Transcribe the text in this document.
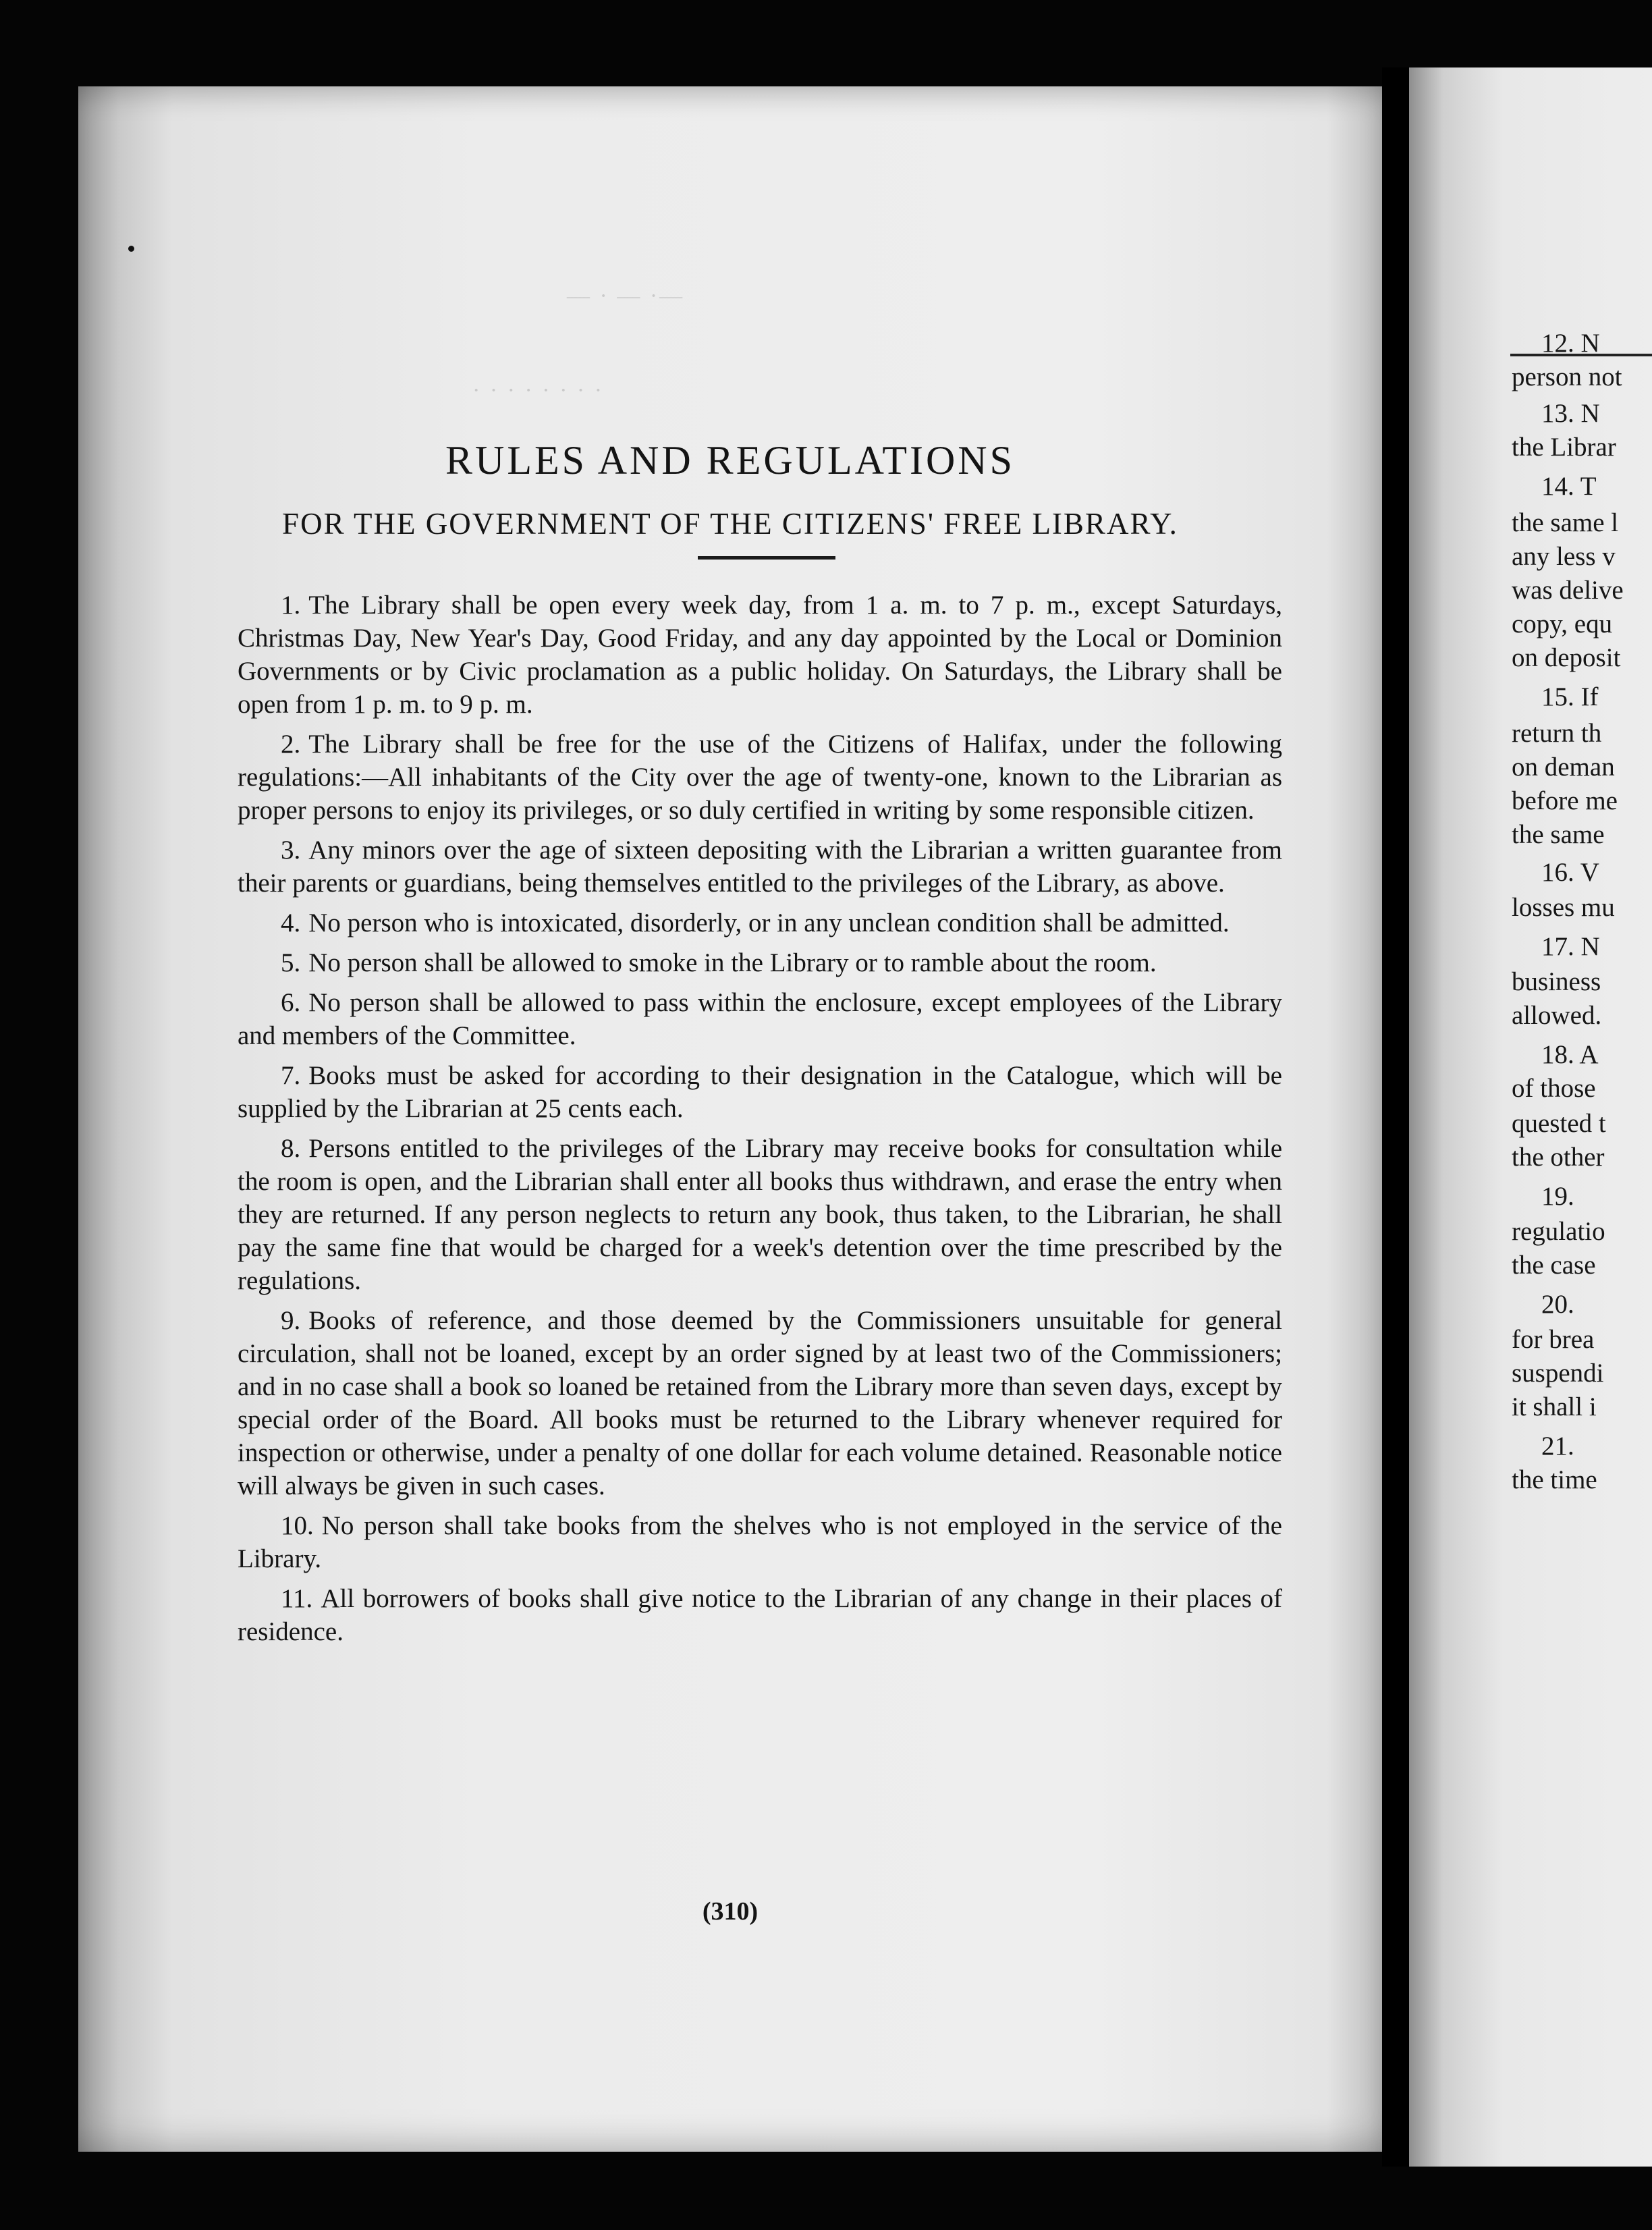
12. N
person not
13. N
the Librar
14. T
the same l
any less v
was delive
copy, equ
on deposit
15. If
return th
on deman
before me
the same
16. V
losses mu
17. N
business
allowed.
18. A
of those
quested t
the other
19.
regulatio
the case
20.
for brea
suspendi
it shall i
21.
the time
— · — ·—
· · · · · · · ·
RULES AND REGULATIONS
FOR THE GOVERNMENT OF THE CITIZENS' FREE LIBRARY.

1. The Library shall be open every week day, from 1 a. m. to 7 p. m., except Saturdays, Christmas Day, New Year's Day, Good Friday, and any day appointed by the Local or Dominion Governments or by Civic proclamation as a public holiday. On Saturdays, the Library shall be open from 1 p. m. to 9 p. m.

2. The Library shall be free for the use of the Citizens of Halifax, under the following regulations:—All inhabitants of the City over the age of twenty-one, known to the Librarian as proper persons to enjoy its privileges, or so duly certified in writing by some responsible citizen.

3. Any minors over the age of sixteen depositing with the Librarian a written guarantee from their parents or guardians, being themselves entitled to the privileges of the Library, as above.

4. No person who is intoxicated, disorderly, or in any unclean condition shall be admitted.

5. No person shall be allowed to smoke in the Library or to ramble about the room.

6. No person shall be allowed to pass within the enclosure, except employees of the Library and members of the Committee.

7. Books must be asked for according to their designation in the Catalogue, which will be supplied by the Librarian at 25 cents each.

8. Persons entitled to the privileges of the Library may receive books for consultation while the room is open, and the Librarian shall enter all books thus withdrawn, and erase the entry when they are returned. If any person neglects to return any book, thus taken, to the Librarian, he shall pay the same fine that would be charged for a week's detention over the time prescribed by the regulations.

9. Books of reference, and those deemed by the Commissioners unsuitable for general circulation, shall not be loaned, except by an order signed by at least two of the Commissioners; and in no case shall a book so loaned be retained from the Library more than seven days, except by special order of the Board. All books must be returned to the Library whenever required for inspection or otherwise, under a penalty of one dollar for each volume detained. Reasonable notice will always be given in such cases.

10. No person shall take books from the shelves who is not employed in the service of the Library.

11. All borrowers of books shall give notice to the Librarian of any change in their places of residence.

(310)
